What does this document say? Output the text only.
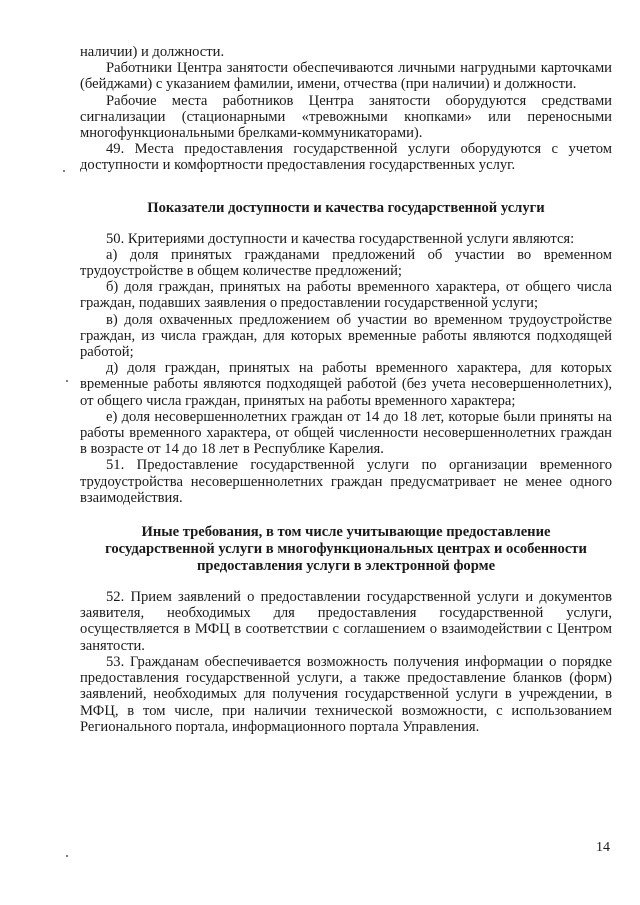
наличии) и должности.

Работники Центра занятости обеспечиваются личными нагрудными карточками (бейджами) с указанием фамилии, имени, отчества (при наличии) и должности.

Рабочие места работников Центра занятости оборудуются средствами сигнализации (стационарными «тревожными кнопками» или переносными многофункциональными брелками-коммуникаторами).

49. Места предоставления государственной услуги оборудуются с учетом доступности и комфортности предоставления государственных услуг.

Показатели доступности и качества государственной услуги

50. Критериями доступности и качества государственной услуги являются:

а) доля принятых гражданами предложений об участии во временном трудоустройстве в общем количестве предложений;

б) доля граждан, принятых на работы временного характера, от общего числа граждан, подавших заявления о предоставлении государственной услуги;

в) доля охваченных предложением об участии во временном трудоустройстве граждан, из числа граждан, для которых временные работы являются подходящей работой;

д) доля граждан, принятых на работы временного характера, для которых временные работы являются подходящей работой (без учета несовершеннолетних), от общего числа граждан, принятых на работы временного характера;

е) доля несовершеннолетних граждан от 14 до 18 лет, которые были приняты на работы временного характера, от общей численности несовершеннолетних граждан в возрасте от 14 до 18 лет в Республике Карелия.

51. Предоставление государственной услуги по организации временного трудоустройства несовершеннолетних граждан предусматривает не менее одного взаимодействия.

Иные требования, в том числе учитывающие предоставление
государственной услуги в многофункциональных центрах и особенности
предоставления услуги в электронной форме

52. Прием заявлений о предоставлении государственной услуги и документов заявителя, необходимых для предоставления государственной услуги, осуществляется в МФЦ в соответствии с соглашением о взаимодействии с Центром занятости.

53. Гражданам обеспечивается возможность получения информации о порядке предоставления государственной услуги, а также предоставление бланков (форм) заявлений, необходимых для получения государственной услуги в учреждении, в МФЦ, в том числе, при наличии технической возможности, с использованием Регионального портала, информационного портала Управления.

14
